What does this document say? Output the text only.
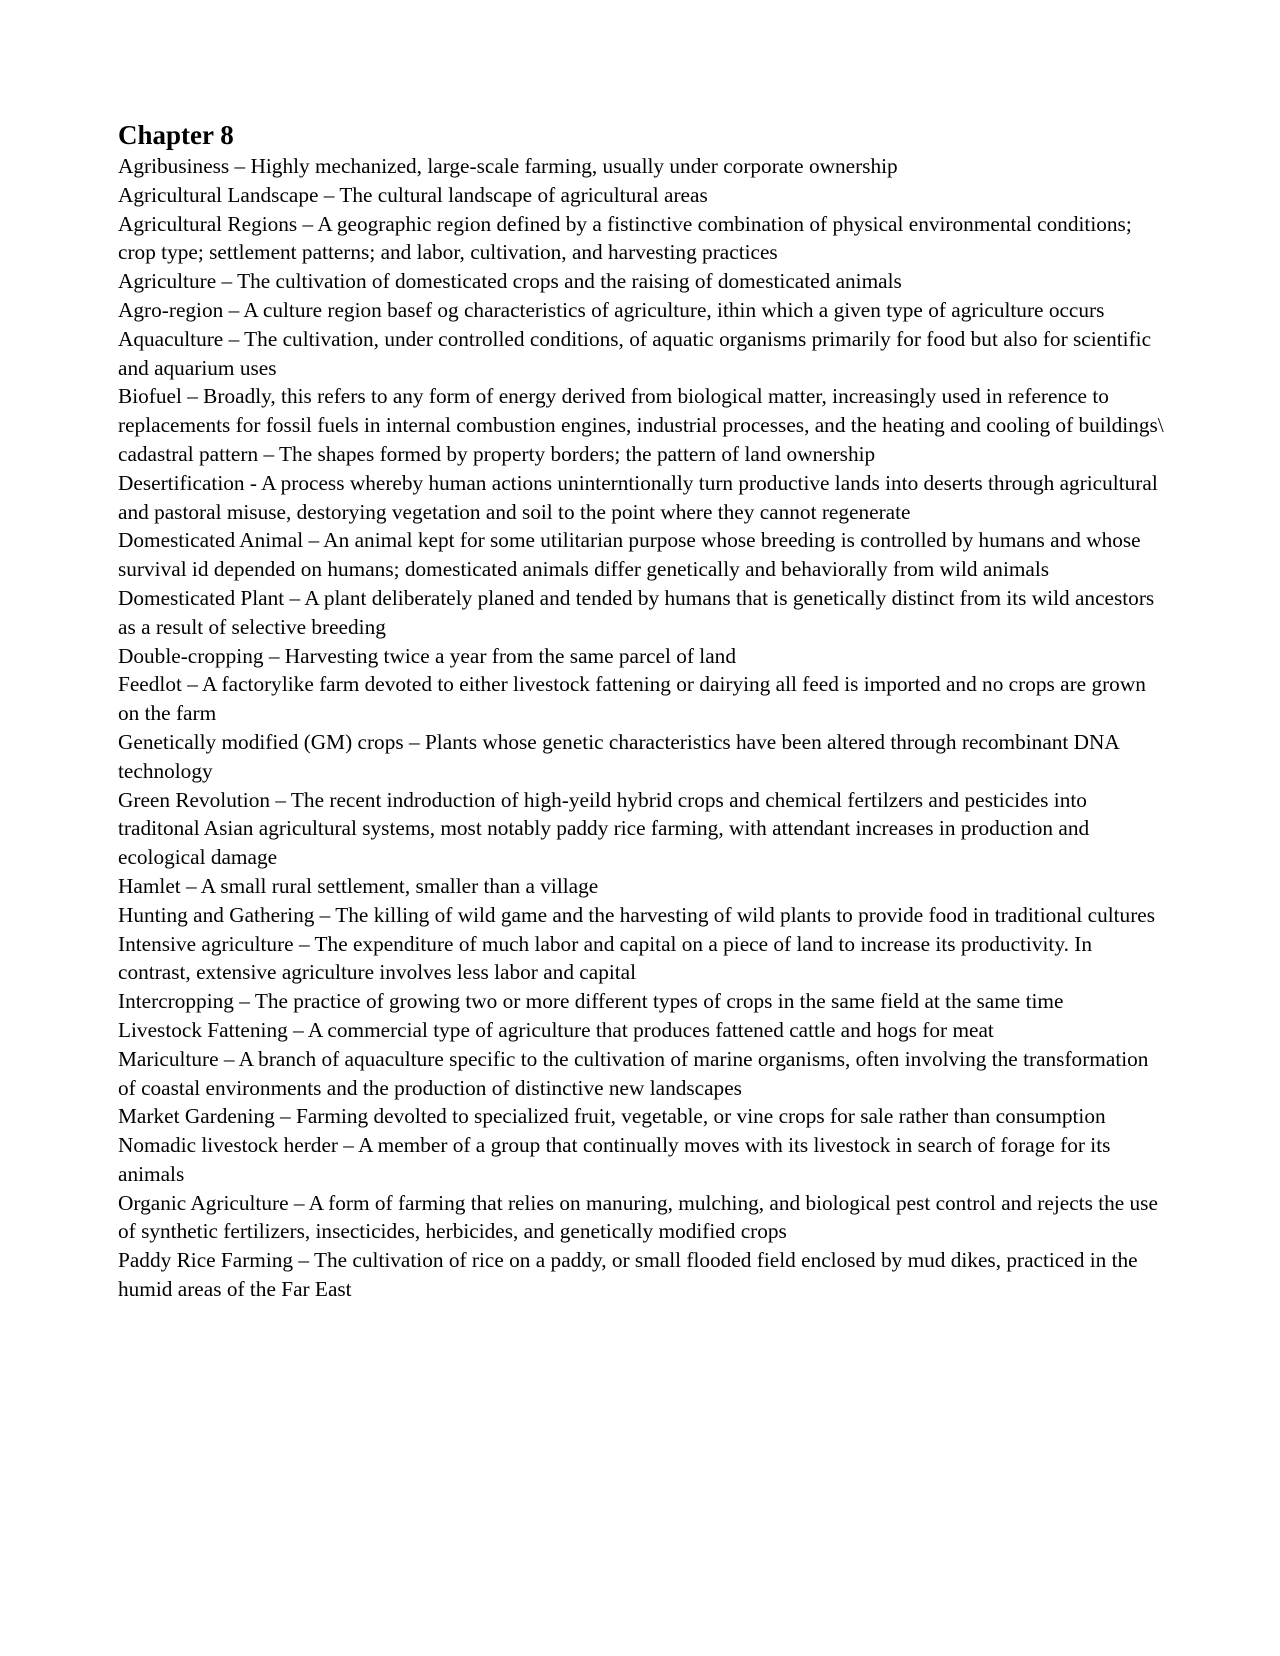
Chapter 8
Agribusiness – Highly mechanized, large-scale farming, usually under corporate ownership
Agricultural Landscape – The cultural landscape of agricultural areas
Agricultural Regions – A geographic region defined by a fistinctive combination of physical environmental conditions; crop type; settlement patterns; and labor, cultivation, and harvesting practices
Agriculture – The cultivation of domesticated crops and the raising of domesticated animals
Agro-region – A culture region basef og characteristics of agriculture, ithin which a given type of agriculture occurs
Aquaculture – The cultivation, under controlled conditions, of aquatic organisms primarily for food but also for scientific and aquarium uses
Biofuel – Broadly, this refers to any form of energy derived from biological matter, increasingly used in reference to replacements for fossil fuels in internal combustion engines, industrial processes, and the heating and cooling of buildings\
cadastral pattern – The shapes formed by property borders; the pattern of land ownership
Desertification - A process whereby human actions uninterntionally turn productive lands into deserts through agricultural and pastoral misuse, destorying vegetation and soil to the point where they cannot regenerate
Domesticated Animal – An animal kept for some utilitarian purpose whose breeding is controlled by humans and whose survival id depended on humans; domesticated animals differ genetically and behaviorally from wild animals
Domesticated Plant – A plant deliberately planed and tended by humans that is genetically distinct from its wild ancestors as a result of selective breeding
Double-cropping – Harvesting twice a year from the same parcel of land
Feedlot – A factorylike farm devoted to either livestock fattening or dairying all feed is imported and no crops are grown on the farm
Genetically modified (GM) crops – Plants whose genetic characteristics have been altered through recombinant DNA technology
Green Revolution – The recent indroduction of high-yeild hybrid crops and chemical fertilzers and pesticides into traditonal Asian agricultural systems, most notably paddy rice farming, with attendant increases in production and ecological damage
Hamlet – A small rural settlement, smaller than a village
Hunting and Gathering – The killing of wild game and the harvesting of wild plants to provide food in traditional cultures
Intensive agriculture – The expenditure of much labor and capital on a piece of land to increase its productivity. In contrast, extensive agriculture involves less labor and capital
Intercropping – The practice of growing two or more different types of crops in the same field at the same time
Livestock Fattening – A commercial type of agriculture that produces fattened cattle and hogs for meat
Mariculture – A branch of aquaculture specific to the cultivation of marine organisms, often involving the transformation of coastal environments and the production of distinctive new landscapes
Market Gardening – Farming devolted to specialized fruit, vegetable, or vine crops for sale rather than consumption
Nomadic livestock herder – A member of a group that continually moves with its livestock in search of forage for its animals
Organic Agriculture – A form of farming that relies on manuring, mulching, and biological pest control and rejects the use of synthetic fertilizers, insecticides, herbicides, and genetically modified crops
Paddy Rice Farming – The cultivation of rice on a paddy, or small flooded field enclosed by mud dikes, practiced in the humid areas of the Far East
